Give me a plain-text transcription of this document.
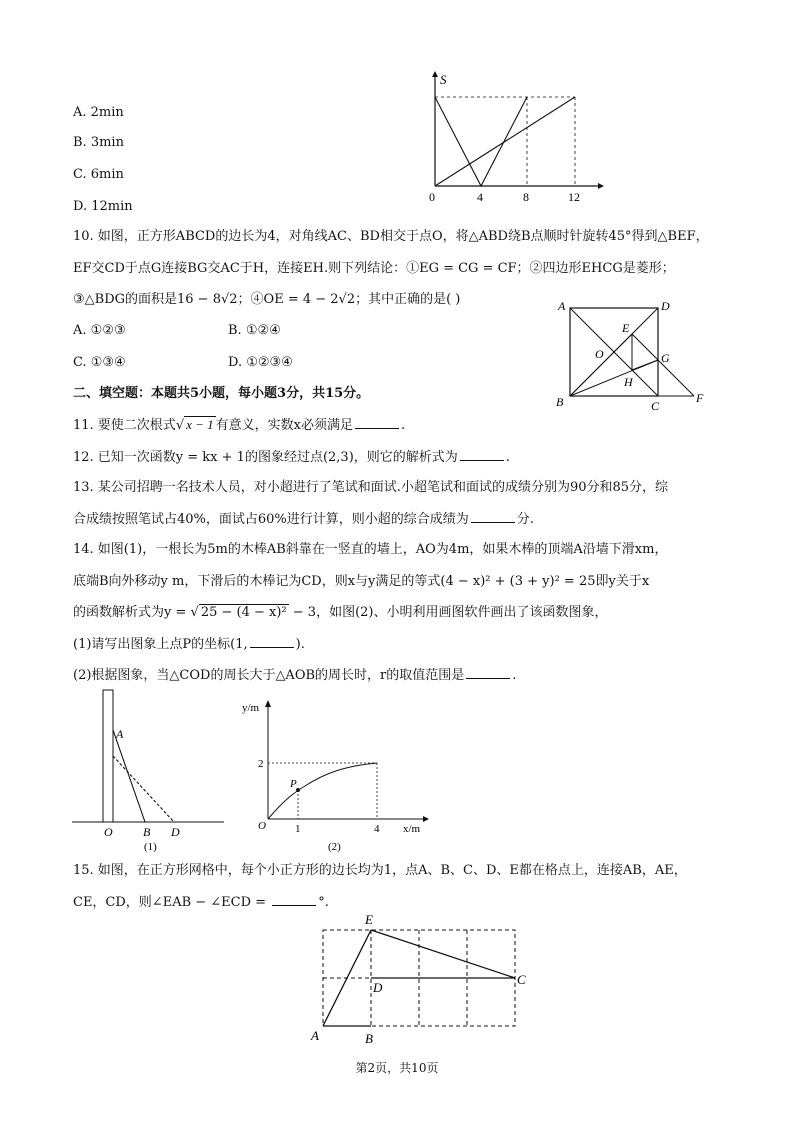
A. 2min
B. 3min
C. 6min
D. 12min
S
0	4	8	12
10. 如图，正方形ABCD的边长为4，对角线AC、BD相交于点O，将△ABD绕B点顺时针旋转45°得到△BEF，
EF交CD于点G连接BG交AC于H，连接EH.则下列结论：①EG = CG = CF；②四边形EHCG是菱形；
③△BDG的面积是16 − 8√2；④OE = 4 − 2√2；其中正确的是( )
A. ①②③	B. ①②④
C. ①③④	D. ①②③④
A	D
E
O	G
H
B	C
F
二、填空题：本题共5小题，每小题3分，共15分。
11. 要使二次根式√ x − 1 有意义，实数x必须满足	.
12. 已知一次函数y = kx + 1的图象经过点(2,3)，则它的解析式为	.
13. 某公司招聘一名技术人员，对小超进行了笔试和面试.小超笔试和面试的成绩分别为90分和85分，综
合成绩按照笔试占40%，面试占60%进行计算，则小超的综合成绩为	分.
14. 如图(1)，一根长为5m的木棒AB斜靠在一竖直的墙上，AO为4m，如果木棒的顶端A沿墙下滑xm，
底端B向外移动y m，下滑后的木棒记为CD，则x与y满足的等式(4 − x)² + (3 + y)² = 25即y关于x
的函数解析式为y = √ 25 − (4 − x)² − 3，如图(2)、小明利用画图软件画出了该函数图象，
(1)请写出图象上点P的坐标(1,	).
(2)根据图象，当△COD的周长大于△AOB的周长时，r的取值范围是	.
A
O	B D
(1)
y/m
x/m
O	1	4
2
P
(2)
15. 如图，在正方形网格中，每个小正方形的边长均为1，点A、B、C、D、E都在格点上，连接AB，AE，
CE，CD，则∠EAB − ∠ECD =	°.
E
D
C
A	B
第2页，共10页
